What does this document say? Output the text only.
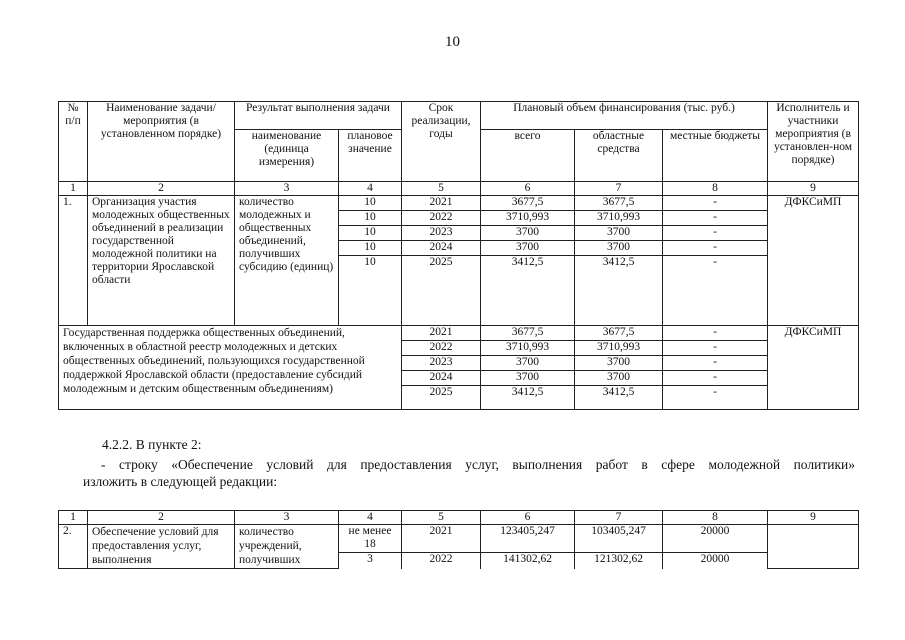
10
№ п/п	Наименование задачи/мероприятия (в установленном порядке)	Результат выполнения задачи		Срок реализации, годы	Плановый объем финансирования (тыс. руб.)			Исполнитель и участники мероприятия (в установлен-ном порядке)
		наименование (единица измерения)	плановое значение		всего	областные средства	местные бюджеты	
1	2	3	4	5	6	7	8	9
1.	Организация участия молодежных общественных объединений в реализации государственной молодежной политики на территории Ярославской области	количество молодежных и общественных объединений, получивших субсидию (единиц)	10	2021	3677,5	3677,5	-	ДФКСиМП
			10	2022	3710,993	3710,993	-	
			10	2023	3700	3700	-	
			10	2024	3700	3700	-	
			10	2025	3412,5	3412,5	-	
Государственная поддержка общественных объединений, включенных в областной реестр молодежных и детских общественных объединений, пользующихся государственной поддержкой Ярославской области (предоставление субсидий молодежным и детским общественным объединениям)				2021	3677,5	3677,5	-	ДФКСиМП
				2022	3710,993	3710,993	-	
				2023	3700	3700	-	
				2024	3700	3700	-	
				2025	3412,5	3412,5	-	
4.2.2. В пункте 2:
- строку «Обеспечение условий для предоставления услуг, выполнения работ в сфере молодежной политики»
изложить в следующей редакции:
1	2	3	4	5	6	7	8	9
2.	Обеспечение условий для предоставления услуг, выполнения	количество учреждений, получивших	не менее 18	2021	123405,247	103405,247	20000	
			3	2022	141302,62	121302,62	20000	
